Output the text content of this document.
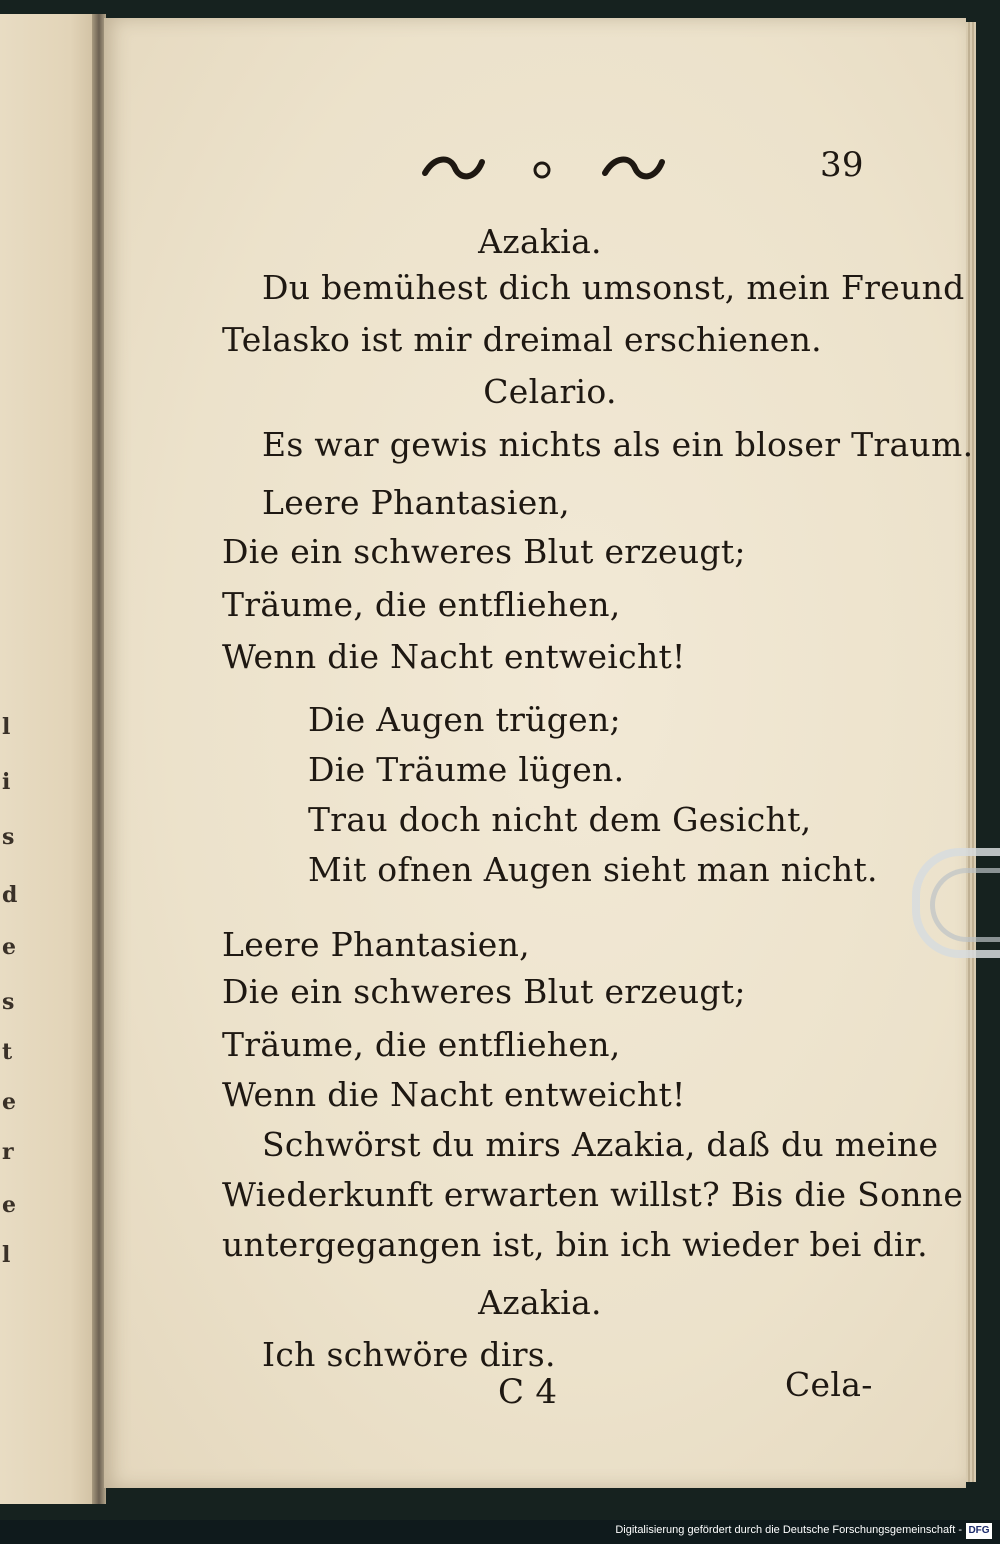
l
i
s
d
e
s
t
e
r
e
l
39
Azakia.
Du bemühest dich umsonst, mein Freund
Telasko ist mir dreimal erschienen.
Celario.
Es war gewis nichts als ein bloser Traum.
Leere Phantasien,
Die ein schweres Blut erzeugt;
Träume, die entfliehen,
Wenn die Nacht entweicht!
Die Augen trügen;
Die Träume lügen.
Trau doch nicht dem Gesicht,
Mit ofnen Augen sieht man nicht.
Leere Phantasien,
Die ein schweres Blut erzeugt;
Träume, die entfliehen,
Wenn die Nacht entweicht!
Schwörst du mirs Azakia, daß du meine
Wiederkunft erwarten willst? Bis die Sonne
untergegangen ist, bin ich wieder bei dir.
Azakia.
Ich schwöre dirs.
C 4	Cela-
Digitalisierung gefördert durch die Deutsche Forschungsgemeinschaft - DFG
